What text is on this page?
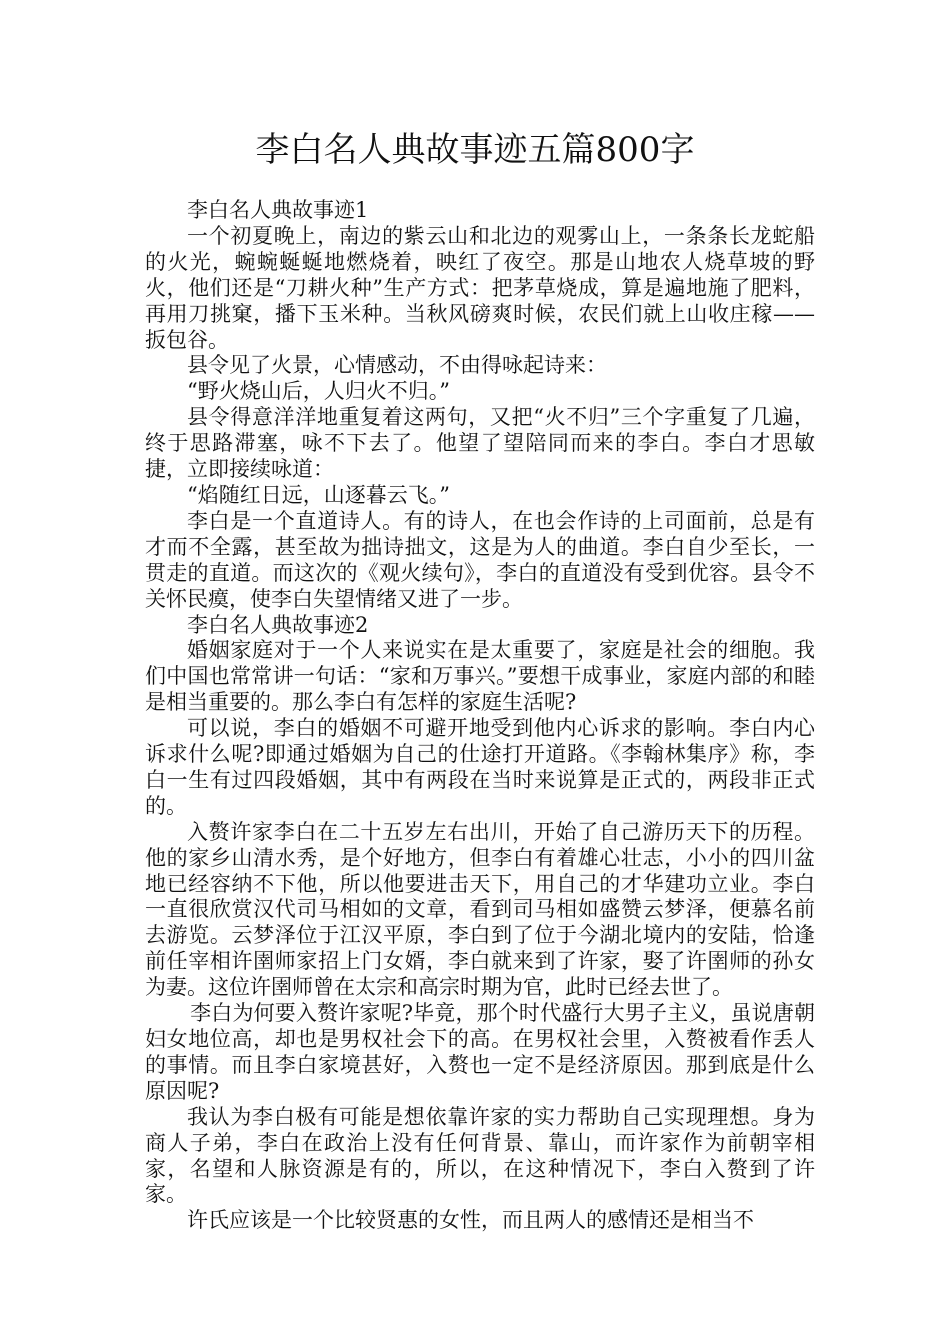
李白名人典故事迹五篇800字

李白名人典故事迹1

一个初夏晚上，南边的紫云山和北边的观雾山上，一条条长龙蛇船的火光，蜿蜿蜒蜒地燃烧着，映红了夜空。那是山地农人烧草坡的野火，他们还是“刀耕火种”生产方式：把茅草烧成，算是遍地施了肥料，再用刀挑窠，播下玉米种。当秋风磅爽时候，农民们就上山收庄稼——扳包谷。

县令见了火景，心情感动，不由得咏起诗来：

“野火烧山后，人归火不归。”

县令得意洋洋地重复着这两句，又把“火不归”三个字重复了几遍，终于思路滞塞，咏不下去了。他望了望陪同而来的李白。李白才思敏捷，立即接续咏道：

“焰随红日远，山逐暮云飞。”

李白是一个直道诗人。有的诗人，在也会作诗的上司面前，总是有才而不全露，甚至故为拙诗拙文，这是为人的曲道。李白自少至长，一贯走的直道。而这次的《观火续句》，李白的直道没有受到优容。县令不关怀民瘼，使李白失望情绪又进了一步。

李白名人典故事迹2

婚姻家庭对于一个人来说实在是太重要了，家庭是社会的细胞。我们中国也常常讲一句话：“家和万事兴。”要想干成事业，家庭内部的和睦是相当重要的。那么李白有怎样的家庭生活呢?

可以说，李白的婚姻不可避开地受到他内心诉求的影响。李白内心诉求什么呢?即通过婚姻为自己的仕途打开道路。《李翰林集序》称，李白一生有过四段婚姻，其中有两段在当时来说算是正式的，两段非正式的。

入赘许家李白在二十五岁左右出川，开始了自己游历天下的历程。他的家乡山清水秀，是个好地方，但李白有着雄心壮志，小小的四川盆地已经容纳不下他，所以他要进击天下，用自己的才华建功立业。李白一直很欣赏汉代司马相如的文章，看到司马相如盛赞云梦泽，便慕名前去游览。云梦泽位于江汉平原，李白到了位于今湖北境内的安陆，恰逢前任宰相许圉师家招上门女婿，李白就来到了许家，娶了许圉师的孙女为妻。这位许圉师曾在太宗和高宗时期为官，此时已经去世了。

李白为何要入赘许家呢?毕竟，那个时代盛行大男子主义，虽说唐朝妇女地位高，却也是男权社会下的高。在男权社会里，入赘被看作丢人的事情。而且李白家境甚好，入赘也一定不是经济原因。那到底是什么原因呢?

我认为李白极有可能是想依靠许家的实力帮助自己实现理想。身为商人子弟，李白在政治上没有任何背景、靠山，而许家作为前朝宰相家，名望和人脉资源是有的，所以，在这种情况下，李白入赘到了许家。

许氏应该是一个比较贤惠的女性，而且两人的感情还是相当不
